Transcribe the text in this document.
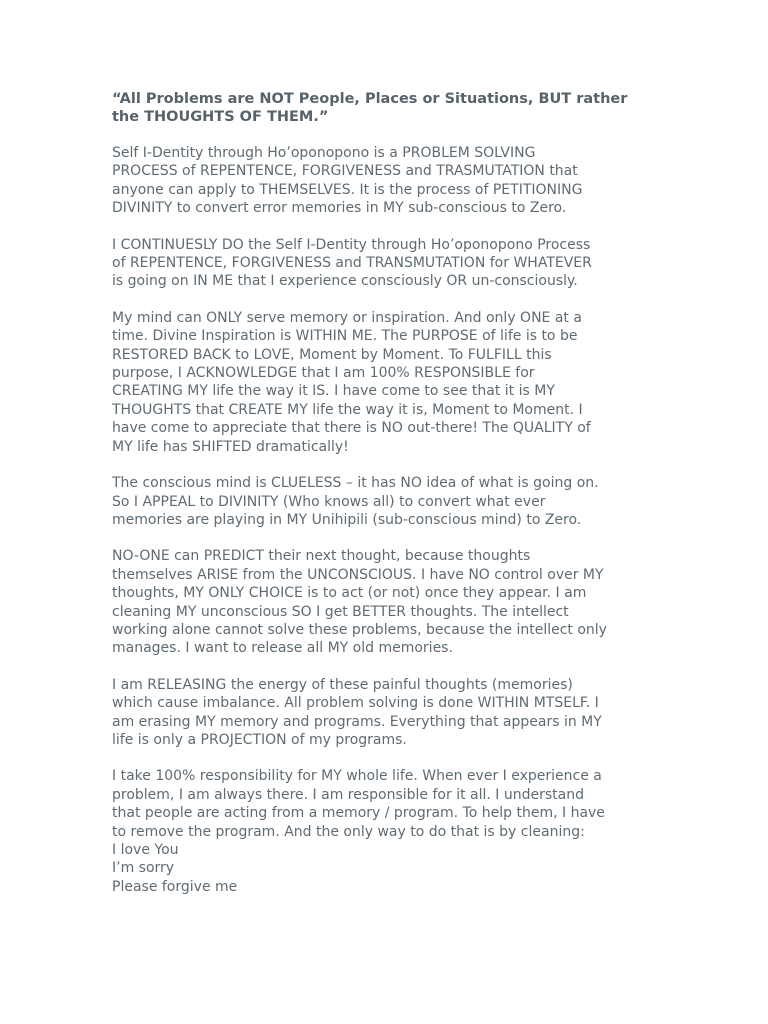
“All Problems are NOT People, Places or Situations, BUT rather
the THOUGHTS OF THEM.”
Self I-Dentity through Ho’oponopono is a PROBLEM SOLVING
PROCESS of REPENTENCE, FORGIVENESS and TRASMUTATION that
anyone can apply to THEMSELVES. It is the process of PETITIONING
DIVINITY to convert error memories in MY sub-conscious to Zero.
I CONTINUESLY DO the Self I-Dentity through Ho’oponopono Process
of REPENTENCE, FORGIVENESS and TRANSMUTATION for WHATEVER
is going on IN ME that I experience consciously OR un-consciously.
My mind can ONLY serve memory or inspiration. And only ONE at a
time. Divine Inspiration is WITHIN ME. The PURPOSE of life is to be
RESTORED BACK to LOVE, Moment by Moment. To FULFILL this
purpose, I ACKNOWLEDGE that I am 100% RESPONSIBLE for
CREATING MY life the way it IS. I have come to see that it is MY
THOUGHTS that CREATE MY life the way it is, Moment to Moment. I
have come to appreciate that there is NO out-there! The QUALITY of
MY life has SHIFTED dramatically!
The conscious mind is CLUELESS – it has NO idea of what is going on.
So I APPEAL to DIVINITY (Who knows all) to convert what ever
memories are playing in MY Unihipili (sub-conscious mind) to Zero.
NO-ONE can PREDICT their next thought, because thoughts
themselves ARISE from the UNCONSCIOUS. I have NO control over MY
thoughts, MY ONLY CHOICE is to act (or not) once they appear. I am
cleaning MY unconscious SO I get BETTER thoughts. The intellect
working alone cannot solve these problems, because the intellect only
manages. I want to release all MY old memories.
I am RELEASING the energy of these painful thoughts (memories)
which cause imbalance. All problem solving is done WITHIN MTSELF. I
am erasing MY memory and programs. Everything that appears in MY
life is only a PROJECTION of my programs.
I take 100% responsibility for MY whole life. When ever I experience a
problem, I am always there. I am responsible for it all. I understand
that people are acting from a memory / program. To help them, I have
to remove the program. And the only way to do that is by cleaning:
I love You
I’m sorry
Please forgive me
